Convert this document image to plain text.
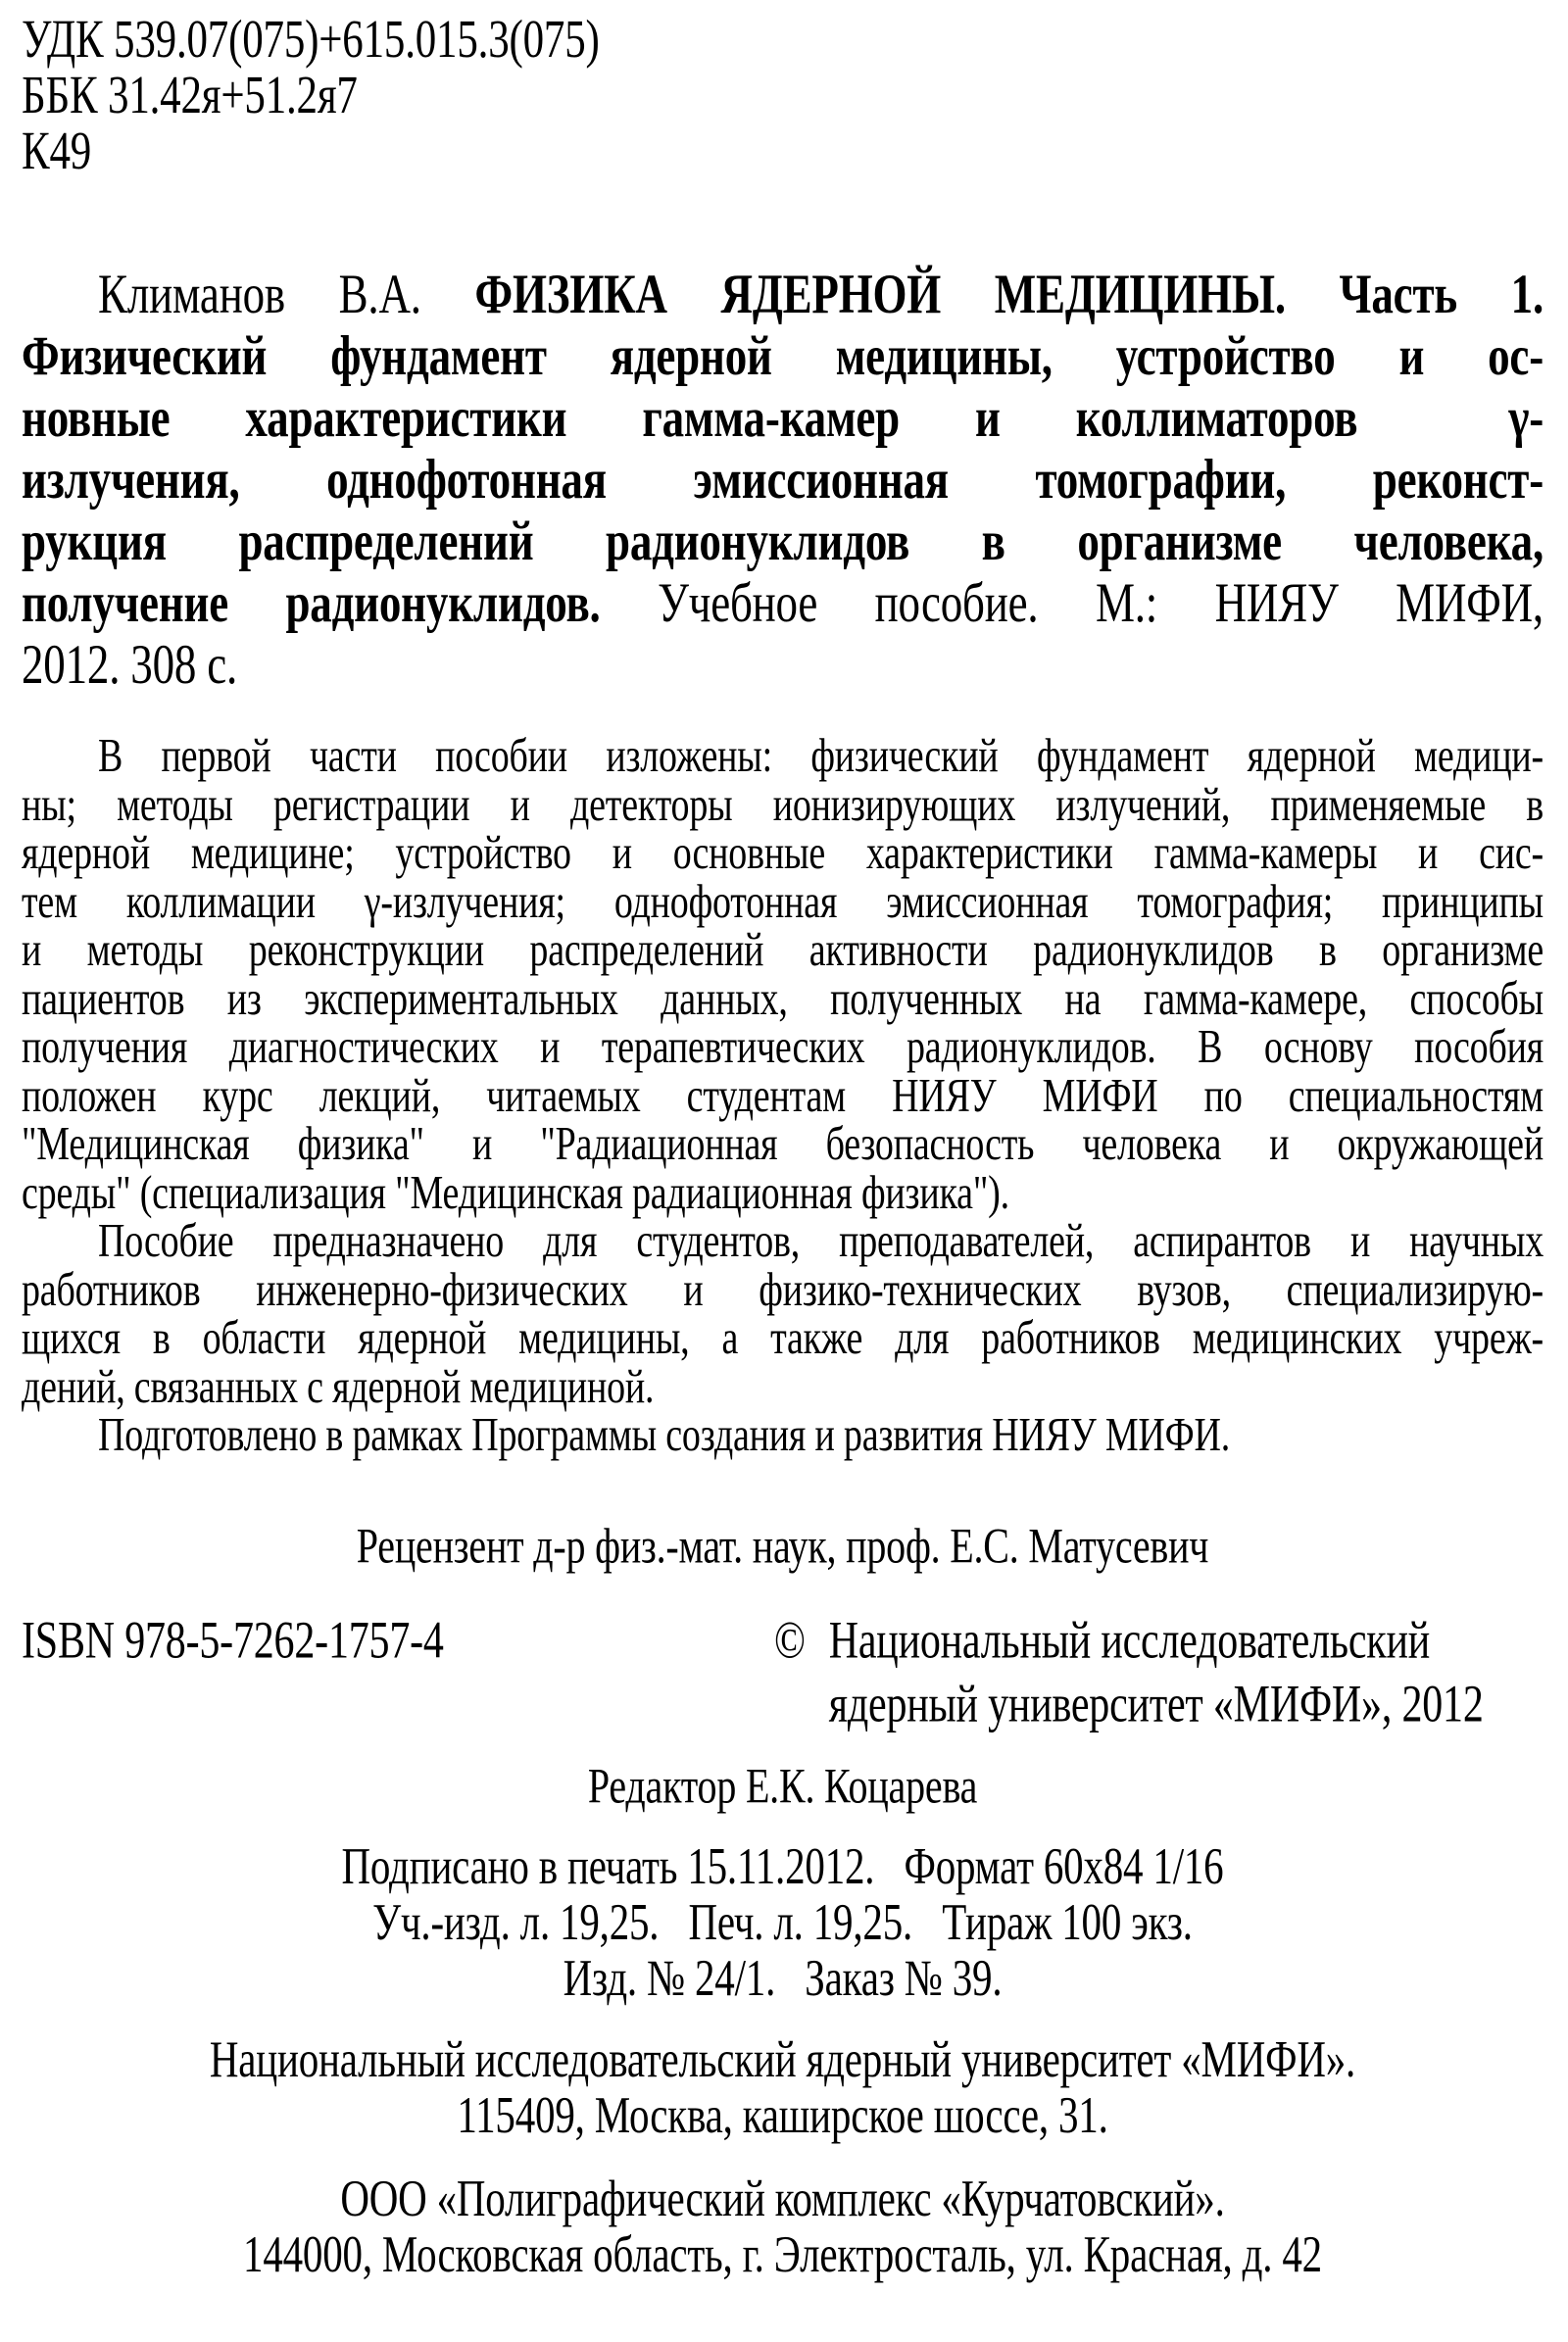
УДК 539.07(075)+615.015.3(075)
ББК 31.42я+51.2я7
К49
Климанов В.А. ФИЗИКА ЯДЕРНОЙ МЕДИЦИНЫ. Часть 1.
Физический фундамент ядерной медицины, устройство и ос-
новные характеристики гамма-камер и коллиматоров  γ-
излучения, однофотонная эмиссионная томографии, реконст-
рукция распределений радионуклидов в организме человека,
получение радионуклидов. Учебное пособие. М.: НИЯУ МИФИ,
2012. 308 с.
В первой части пособии изложены: физический фундамент ядерной медици-
ны; методы регистрации и детекторы ионизирующих излучений, применяемые в
ядерной медицине; устройство и основные характеристики гамма-камеры и сис-
тем коллимации γ-излучения; однофотонная эмиссионная томография; принципы
и методы реконструкции распределений активности радионуклидов в организме
пациентов из экспериментальных данных, полученных на гамма-камере, способы
получения диагностических и терапевтических радионуклидов. В основу пособия
положен курс лекций, читаемых студентам НИЯУ МИФИ по специальностям
"Медицинская физика" и "Радиационная безопасность человека и окружающей
среды" (специализация "Медицинская радиационная физика").
Пособие предназначено для студентов, преподавателей, аспирантов и научных
работников инженерно-физических и физико-технических вузов, специализирую-
щихся в области ядерной медицины, а также для работников медицинских учреж-
дений, связанных с ядерной медициной.
Подготовлено в рамках Программы создания и развития НИЯУ МИФИ.
Рецензент д-р физ.-мат. наук, проф. Е.С. Матусевич
ISBN 978-5-7262-1757-4	© Национальный исследовательский
ядерный университет «МИФИ», 2012
Редактор Е.К. Коцарева
Подписано в печать 15.11.2012.   Формат 60х84 1/16
Уч.-изд. л. 19,25.   Печ. л. 19,25.   Тираж 100 экз.
Изд. № 24/1.   Заказ № 39.
Национальный исследовательский ядерный университет «МИФИ».
115409, Москва, каширское шоссе, 31.
ООО «Полиграфический комплекс «Курчатовский».
144000, Московская область, г. Электросталь, ул. Красная, д. 42
